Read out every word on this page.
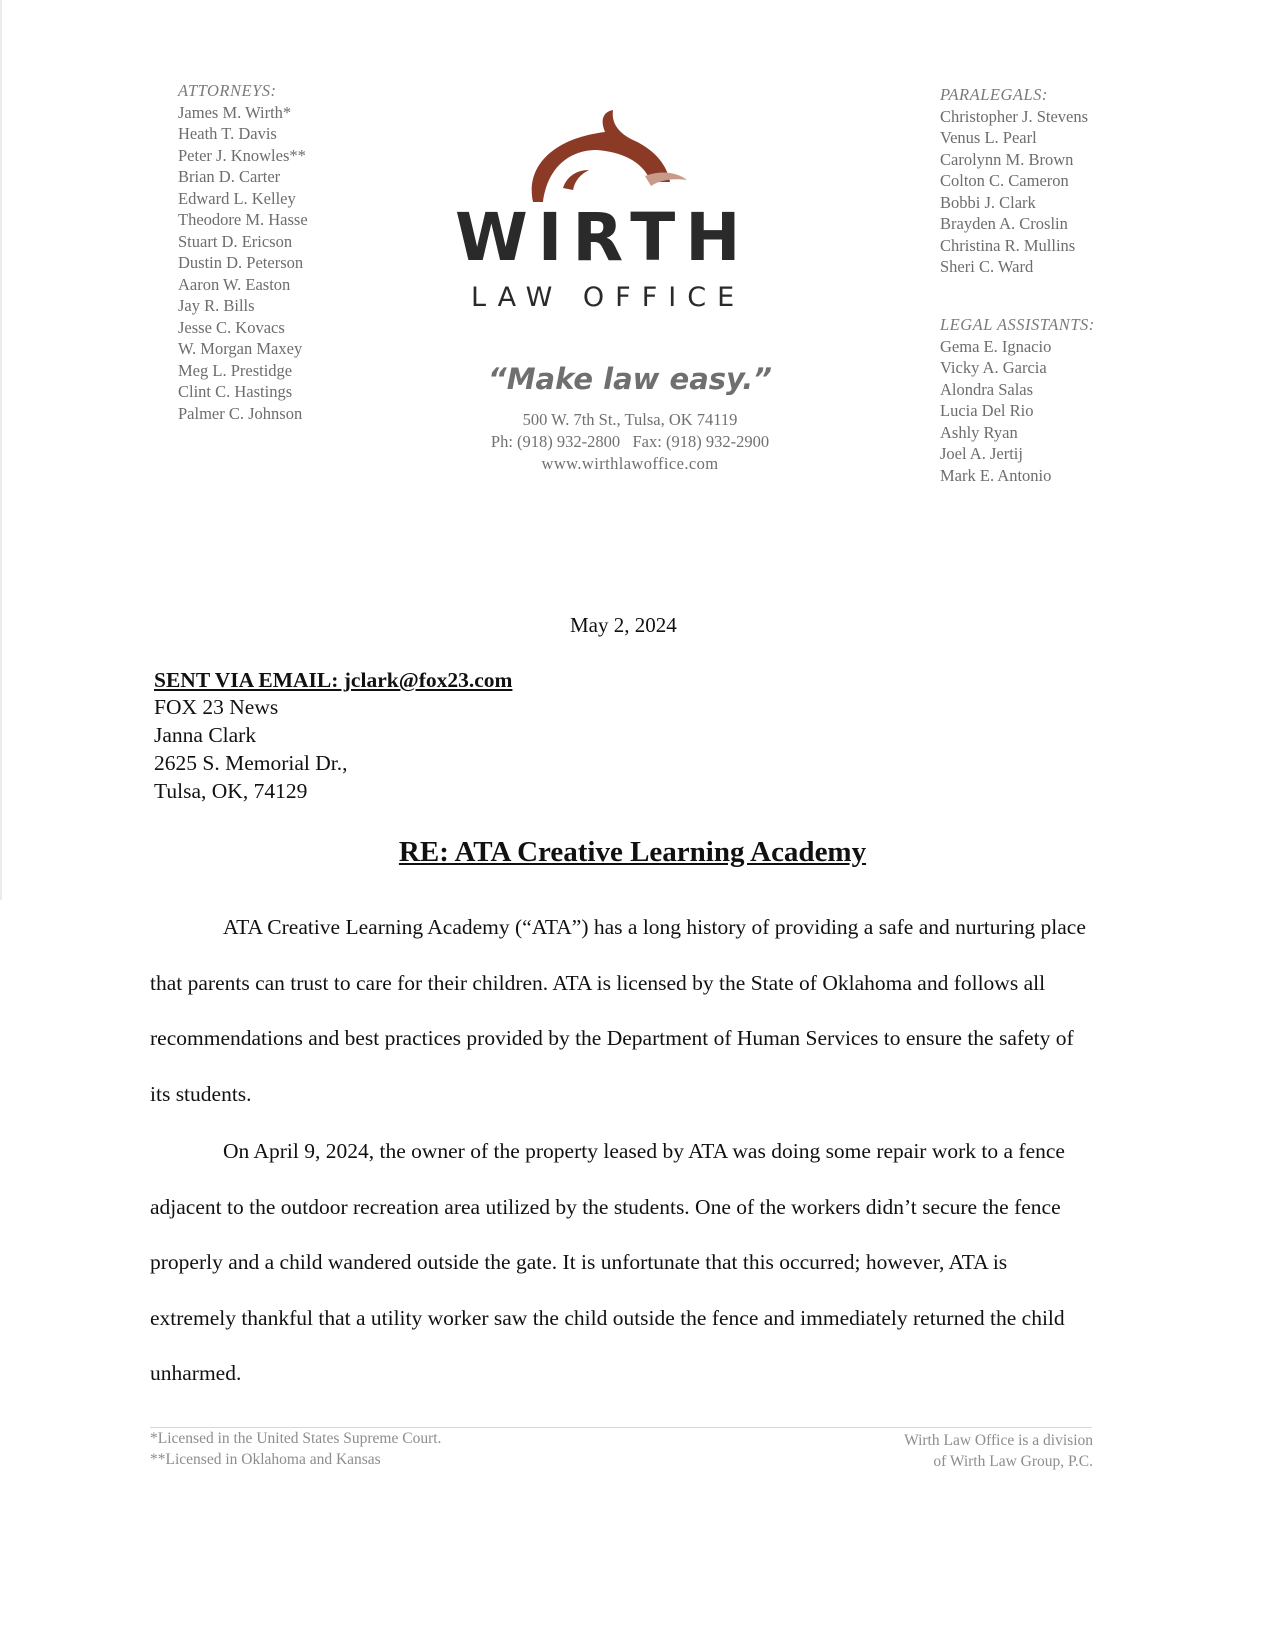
ATTORNEYS:
James M. Wirth*
Heath T. Davis
Peter J. Knowles**
Brian D. Carter
Edward L. Kelley
Theodore M. Hasse
Stuart D. Ericson
Dustin D. Peterson
Aaron W. Easton
Jay R. Bills
Jesse C. Kovacs
W. Morgan Maxey
Meg L. Prestidge
Clint C. Hastings
Palmer C. Johnson
WIRTH
LAW OFFICE
“Make law easy.”
500 W. 7th St., Tulsa, OK 74119
Ph: (918) 932-2800   Fax: (918) 932-2900
www.wirthlawoffice.com
PARALEGALS:
Christopher J. Stevens
Venus L. Pearl
Carolynn M. Brown
Colton C. Cameron
Bobbi J. Clark
Brayden A. Croslin
Christina R. Mullins
Sheri C. Ward
LEGAL ASSISTANTS:
Gema E. Ignacio
Vicky A. Garcia
Alondra Salas
Lucia Del Rio
Ashly Ryan
Joel A. Jertij
Mark E. Antonio
May 2, 2024
SENT VIA EMAIL: jclark@fox23.com
FOX 23 News
Janna Clark
2625 S. Memorial Dr.,
Tulsa, OK, 74129
RE: ATA Creative Learning Academy
ATA Creative Learning Academy (“ATA”) has a long history of providing a safe and nurturing place that parents can trust to care for their children. ATA is licensed by the State of Oklahoma and follows all recommendations and best practices provided by the Department of Human Services to ensure the safety of its students.
On April 9, 2024, the owner of the property leased by ATA was doing some repair work to a fence adjacent to the outdoor recreation area utilized by the students. One of the workers didn’t secure the fence properly and a child wandered outside the gate. It is unfortunate that this occurred; however, ATA is extremely thankful that a utility worker saw the child outside the fence and immediately returned the child unharmed.
*Licensed in the United States Supreme Court.
**Licensed in Oklahoma and Kansas
Wirth Law Office is a division
of Wirth Law Group, P.C.
